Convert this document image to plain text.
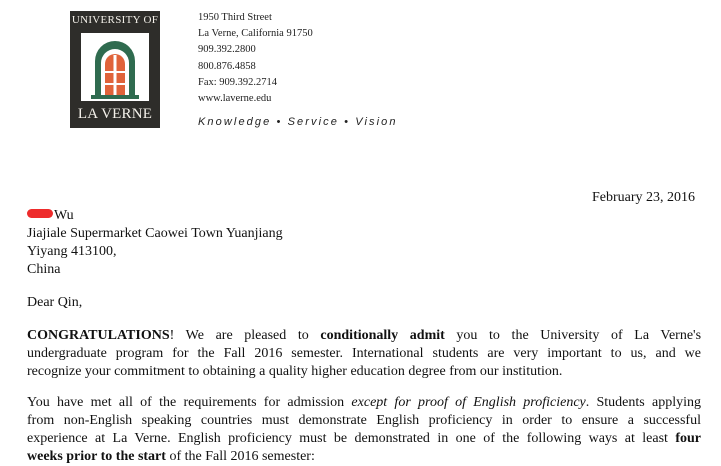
UNIVERSITY OF
LA VERNE
1950 Third Street
La Verne, California 91750
909.392.2800
800.876.4858
Fax: 909.392.2714
www.laverne.edu
Knowledge • Service • Vision
February 23, 2016
Wu
Jiajiale Supermarket Caowei Town Yuanjiang
Yiyang 413100,
China
Dear Qin,
CONGRATULATIONS! We are pleased to conditionally admit you to the University of La Verne's
undergraduate program for the Fall 2016 semester. International students are very important to us, and we
recognize your commitment to obtaining a quality higher education degree from our institution.
You have met all of the requirements for admission except for proof of English proficiency. Students applying
from non-English speaking countries must demonstrate English proficiency in order to ensure a successful
experience at La Verne. English proficiency must be demonstrated in one of the following ways at least four
weeks prior to the start of the Fall 2016 semester:
